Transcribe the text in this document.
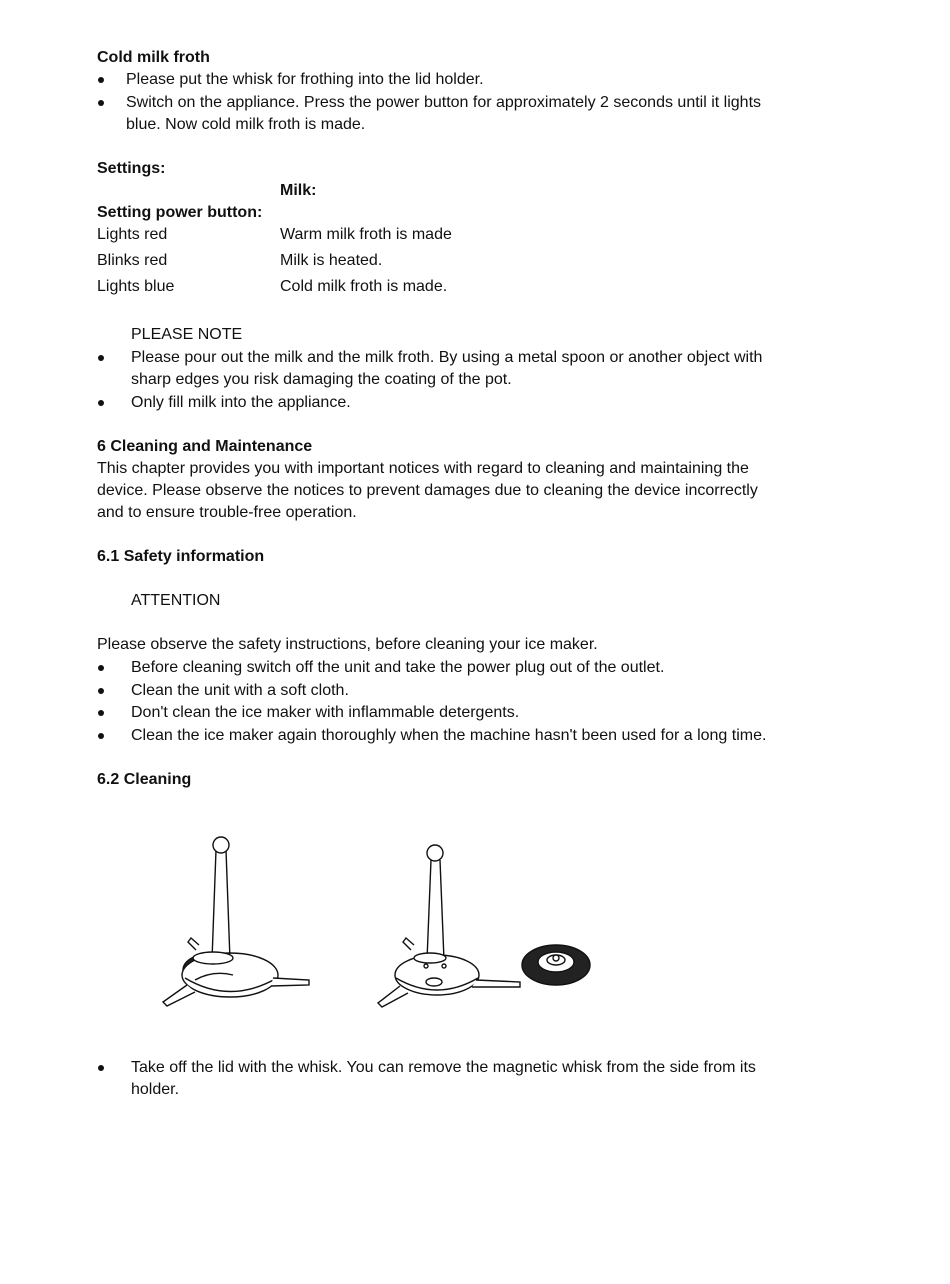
Cold milk froth
Please put the whisk for frothing into the lid holder.
Switch on the appliance. Press the power button for approximately 2 seconds until it lights
blue. Now cold milk froth is made.
Settings:
Milk:
Setting power button:
Lights red	Warm milk froth is made
Blinks red	Milk is heated.
Lights blue	Cold milk froth is made.
PLEASE NOTE
Please pour out the milk and the milk froth. By using a metal spoon or another object with
sharp edges you risk damaging the coating of the pot.
Only fill milk into the appliance.
6 Cleaning and Maintenance
This chapter provides you with important notices with regard to cleaning and maintaining the
device. Please observe the notices to prevent damages due to cleaning the device incorrectly
and to ensure trouble-free operation.
6.1 Safety information
ATTENTION
Please observe the safety instructions, before cleaning your ice maker.
Before cleaning switch off the unit and take the power plug out of the outlet.
Clean the unit with a soft cloth.
Don't clean the ice maker with inflammable detergents.
Clean the ice maker again thoroughly when the machine hasn't been used for a long time.
6.2 Cleaning
Take off the lid with the whisk. You can remove the magnetic whisk from the side from its
holder.
